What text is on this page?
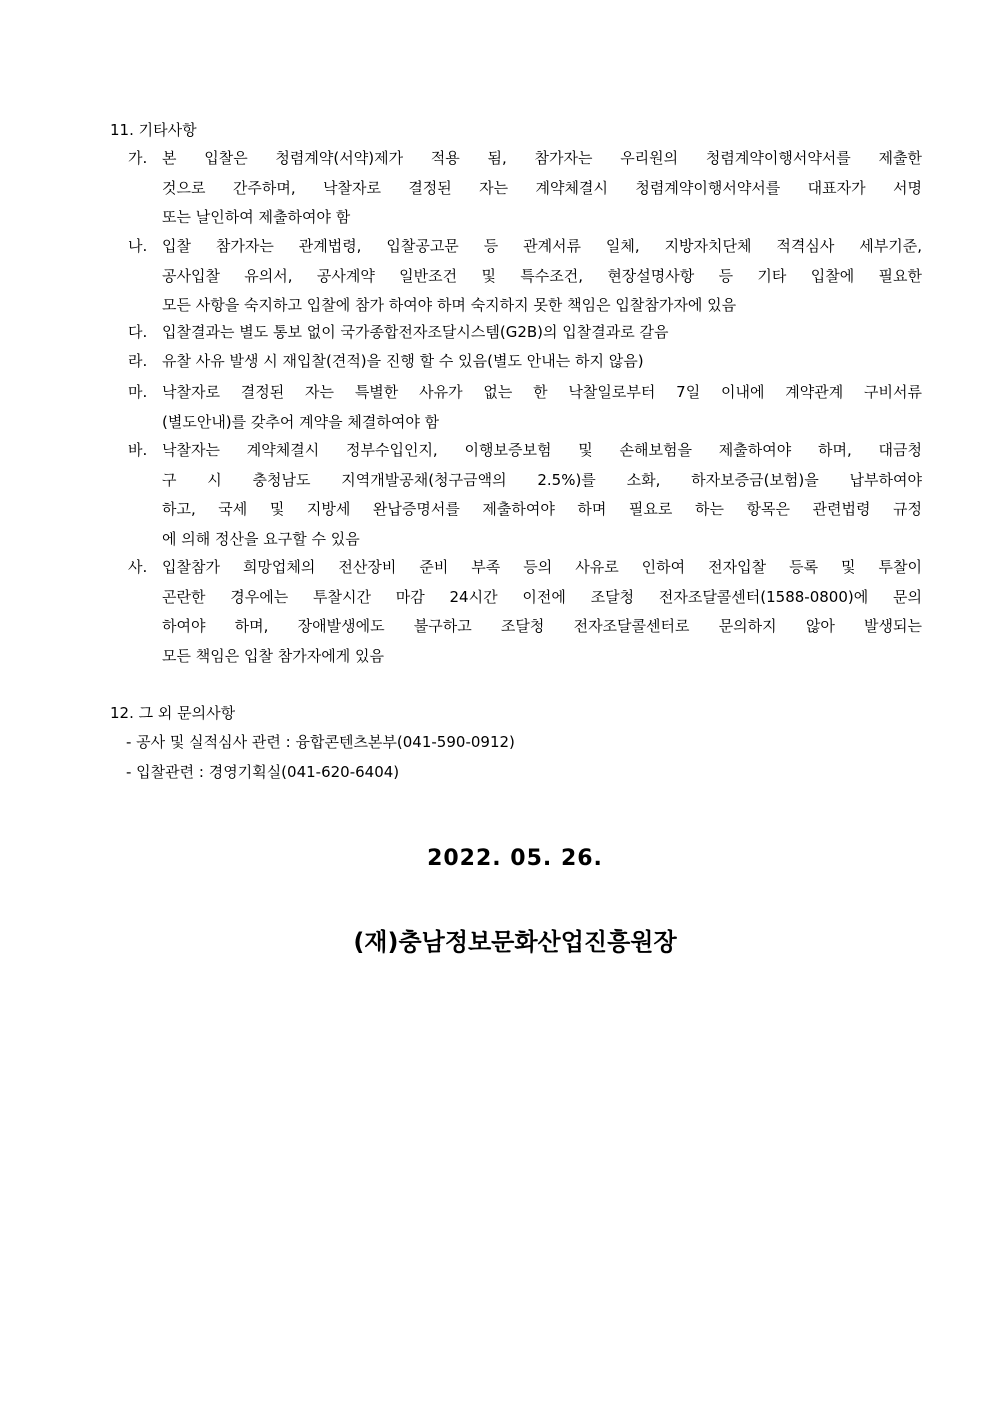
11. 기타사항
가. 본 입찰은 청렴계약(서약)제가 적용 됨, 참가자는 우리원의 청렴계약이행서약서를 제출한
것으로 간주하며, 낙찰자로 결정된 자는 계약체결시 청렴계약이행서약서를 대표자가 서명
또는 날인하여 제출하여야 함
나. 입찰 참가자는 관계법령, 입찰공고문 등 관계서류 일체, 지방자치단체 적격심사 세부기준,
공사입찰 유의서, 공사계약 일반조건 및 특수조건, 현장설명사항 등 기타 입찰에 필요한
모든 사항을 숙지하고 입찰에 참가 하여야 하며 숙지하지 못한 책임은 입찰참가자에 있음
다. 입찰결과는 별도 통보 없이 국가종합전자조달시스템(G2B)의 입찰결과로 갈음
라. 유찰 사유 발생 시 재입찰(견적)을 진행 할 수 있음(별도 안내는 하지 않음)
마. 낙찰자로 결정된 자는 특별한 사유가 없는 한 낙찰일로부터 7일 이내에 계약관계 구비서류
(별도안내)를 갖추어 계약을 체결하여야 함
바. 낙찰자는 계약체결시 정부수입인지, 이행보증보험 및 손해보험을 제출하여야 하며, 대금청
구 시 충청남도 지역개발공채(청구금액의 2.5%)를 소화, 하자보증금(보험)을 납부하여야
하고, 국세 및 지방세 완납증명서를 제출하여야 하며 필요로 하는 항목은 관련법령 규정
에 의해 정산을 요구할 수 있음
사. 입찰참가 희망업체의 전산장비 준비 부족 등의 사유로 인하여 전자입찰 등록 및 투찰이
곤란한 경우에는 투찰시간 마감 24시간 이전에 조달청 전자조달콜센터(1588-0800)에 문의
하여야 하며, 장애발생에도 불구하고 조달청 전자조달콜센터로 문의하지 않아 발생되는
모든 책임은 입찰 참가자에게 있음
12. 그 외 문의사항
- 공사 및 실적심사 관련 : 융합콘텐츠본부(041-590-0912)
- 입찰관련 : 경영기획실(041-620-6404)
2022. 05. 26.
(재)충남정보문화산업진흥원장
